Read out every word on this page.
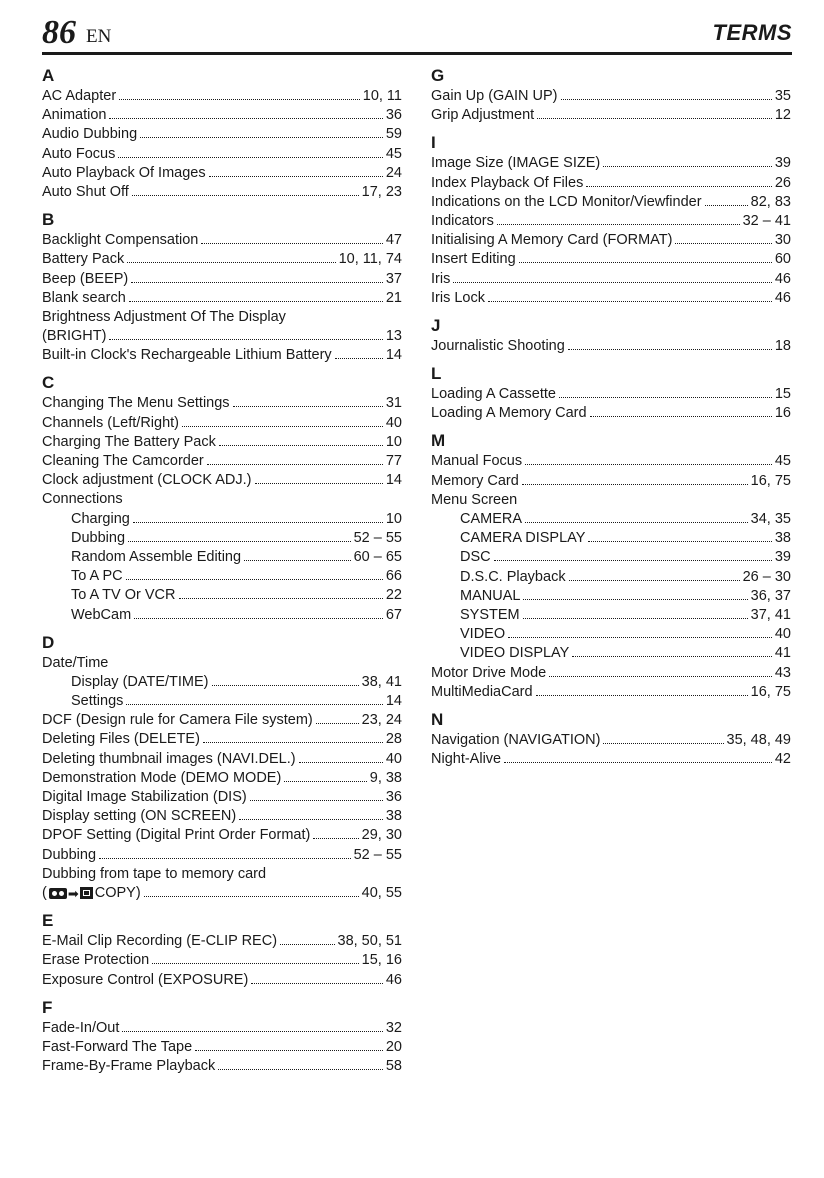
86 EN	TERMS
A
AC Adapter	10, 11
Animation	36
Audio Dubbing	59
Auto Focus	45
Auto Playback Of Images	24
Auto Shut Off	17, 23
B
Backlight Compensation	47
Battery Pack	10, 11, 74
Beep (BEEP)	37
Blank search	21
Brightness Adjustment Of The Display
(BRIGHT)	13
Built-in Clock's Rechargeable Lithium Battery	14
C
Changing The Menu Settings	31
Channels (Left/Right)	40
Charging The Battery Pack	10
Cleaning The Camcorder	77
Clock adjustment (CLOCK ADJ.)	14
Connections
Charging	10
Dubbing	52 – 55
Random Assemble Editing	60 – 65
To A PC	66
To A TV Or VCR	22
WebCam	67
D
Date/Time
Display (DATE/TIME)	38, 41
Settings	14
DCF (Design rule for Camera File system)	23, 24
Deleting Files (DELETE)	28
Deleting thumbnail images (NAVI.DEL.)	40
Demonstration Mode (DEMO MODE)	9, 38
Digital Image Stabilization (DIS)	36
Display setting (ON SCREEN)	38
DPOF Setting (Digital Print Order Format)	29, 30
Dubbing	52 – 55
Dubbing from tape to memory card
( ➡ COPY)	40, 55
E
E-Mail Clip Recording (E-CLIP REC)	38, 50, 51
Erase Protection	15, 16
Exposure Control (EXPOSURE)	46
F
Fade-In/Out	32
Fast-Forward The Tape	20
Frame-By-Frame Playback	58
G
Gain Up (GAIN UP)	35
Grip Adjustment	12
I
Image Size (IMAGE SIZE)	39
Index Playback Of Files	26
Indications on the LCD Monitor/Viewfinder	82, 83
Indicators	32 – 41
Initialising A Memory Card (FORMAT)	30
Insert Editing	60
Iris	46
Iris Lock	46
J
Journalistic Shooting	18
L
Loading A Cassette	15
Loading A Memory Card	16
M
Manual Focus	45
Memory Card	16, 75
Menu Screen
CAMERA	34, 35
CAMERA DISPLAY	38
DSC	39
D.S.C. Playback	26 – 30
MANUAL	36, 37
SYSTEM	37, 41
VIDEO	40
VIDEO DISPLAY	41
Motor Drive Mode	43
MultiMediaCard	16, 75
N
Navigation (NAVIGATION)	35, 48, 49
Night-Alive	42
